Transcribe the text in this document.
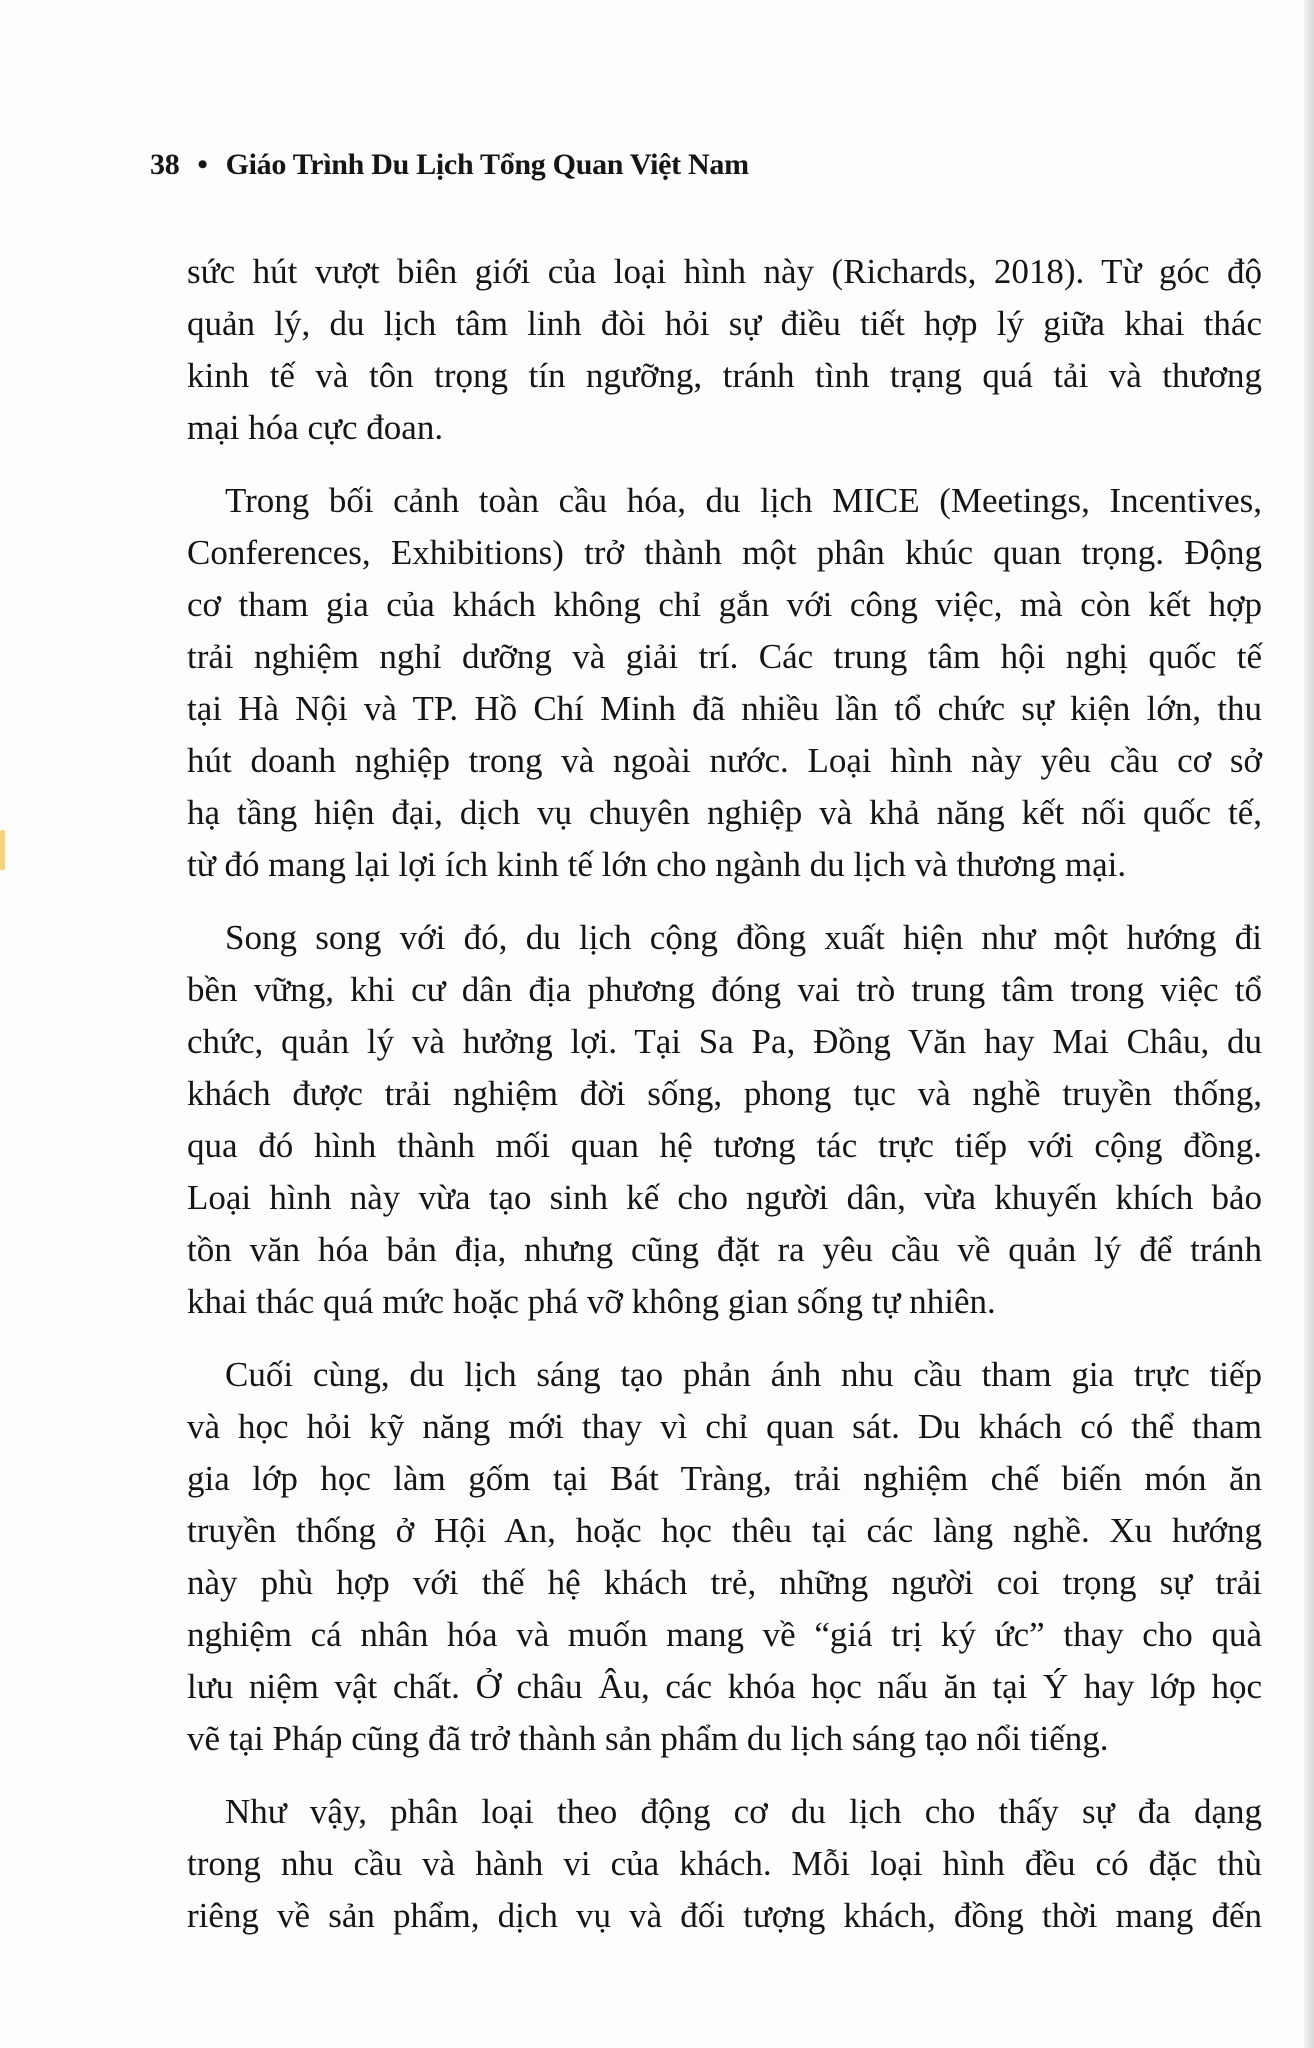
38 • Giáo Trình Du Lịch Tổng Quan Việt Nam
sức hút vượt biên giới của loại hình này (Richards, 2018). Từ góc độ
quản lý, du lịch tâm linh đòi hỏi sự điều tiết hợp lý giữa khai thác
kinh tế và tôn trọng tín ngưỡng, tránh tình trạng quá tải và thương
mại hóa cực đoan.
Trong bối cảnh toàn cầu hóa, du lịch MICE (Meetings, Incentives,
Conferences, Exhibitions) trở thành một phân khúc quan trọng. Động
cơ tham gia của khách không chỉ gắn với công việc, mà còn kết hợp
trải nghiệm nghỉ dưỡng và giải trí. Các trung tâm hội nghị quốc tế
tại Hà Nội và TP. Hồ Chí Minh đã nhiều lần tổ chức sự kiện lớn, thu
hút doanh nghiệp trong và ngoài nước. Loại hình này yêu cầu cơ sở
hạ tầng hiện đại, dịch vụ chuyên nghiệp và khả năng kết nối quốc tế,
từ đó mang lại lợi ích kinh tế lớn cho ngành du lịch và thương mại.
Song song với đó, du lịch cộng đồng xuất hiện như một hướng đi
bền vững, khi cư dân địa phương đóng vai trò trung tâm trong việc tổ
chức, quản lý và hưởng lợi. Tại Sa Pa, Đồng Văn hay Mai Châu, du
khách được trải nghiệm đời sống, phong tục và nghề truyền thống,
qua đó hình thành mối quan hệ tương tác trực tiếp với cộng đồng.
Loại hình này vừa tạo sinh kế cho người dân, vừa khuyến khích bảo
tồn văn hóa bản địa, nhưng cũng đặt ra yêu cầu về quản lý để tránh
khai thác quá mức hoặc phá vỡ không gian sống tự nhiên.
Cuối cùng, du lịch sáng tạo phản ánh nhu cầu tham gia trực tiếp
và học hỏi kỹ năng mới thay vì chỉ quan sát. Du khách có thể tham
gia lớp học làm gốm tại Bát Tràng, trải nghiệm chế biến món ăn
truyền thống ở Hội An, hoặc học thêu tại các làng nghề. Xu hướng
này phù hợp với thế hệ khách trẻ, những người coi trọng sự trải
nghiệm cá nhân hóa và muốn mang về “giá trị ký ức” thay cho quà
lưu niệm vật chất. Ở châu Âu, các khóa học nấu ăn tại Ý hay lớp học
vẽ tại Pháp cũng đã trở thành sản phẩm du lịch sáng tạo nổi tiếng.
Như vậy, phân loại theo động cơ du lịch cho thấy sự đa dạng
trong nhu cầu và hành vi của khách. Mỗi loại hình đều có đặc thù
riêng về sản phẩm, dịch vụ và đối tượng khách, đồng thời mang đến
